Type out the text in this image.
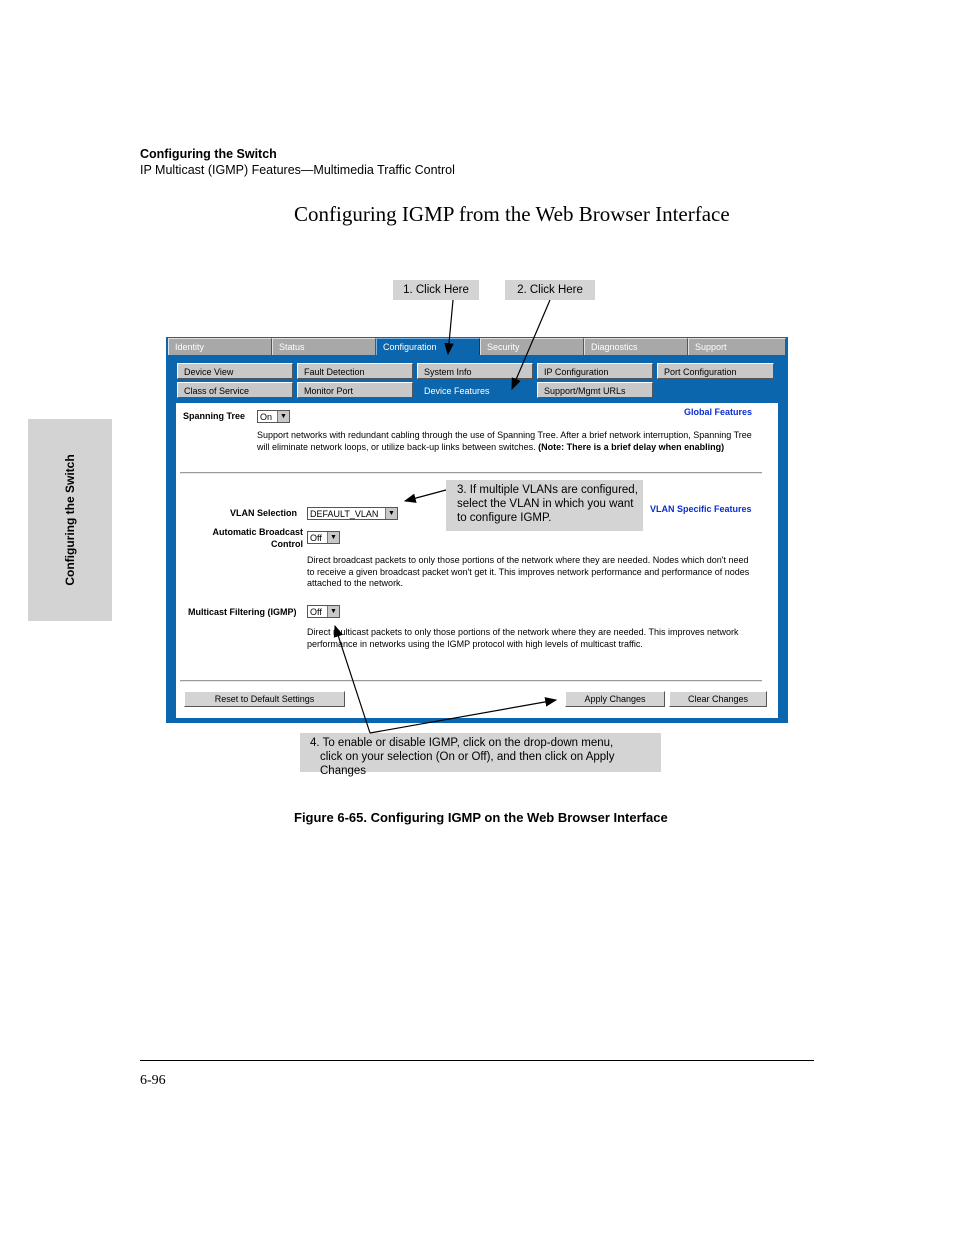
Configuring the Switch
IP Multicast (IGMP) Features—Multimedia Traffic Control
Configuring IGMP from the Web Browser Interface
Configuring the Switch
Identity	Status	Configuration	Security	Diagnostics	Support
Device View	Fault Detection	System Info	IP Configuration	Port Configuration
Class of Service	Monitor Port	Device Features	Support/Mgmt URLs
Spanning Tree	On	▼	Global Features
Support networks with redundant cabling through the use of Spanning Tree. After a brief network interruption, Spanning Tree
will eliminate network loops, or utilize back-up links between switches. (Note: There is a brief delay when enabling)
VLAN Selection	DEFAULT_VLAN	▼	VLAN Specific Features
Automatic Broadcast
Control
Off	▼
Direct broadcast packets to only those portions of the network where they are needed. Nodes which don't need
to receive a given broadcast packet won't get it. This improves network performance and performance of nodes
attached to the network.
Multicast Filtering (IGMP)	Off	▼
Direct multicast packets to only those portions of the network where they are needed. This improves network
performance in networks using the IGMP protocol with high levels of multicast traffic.
Reset to Default Settings	Apply Changes	Clear Changes
1. Click Here	2. Click Here
3. If multiple VLANs are configured,
select the VLAN in which you want
to configure IGMP.
4. To enable or disable IGMP, click on the drop-down menu,
click on your selection (On or Off), and then click on Apply Changes
Figure 6-65. Configuring IGMP on the Web Browser Interface
6-96
